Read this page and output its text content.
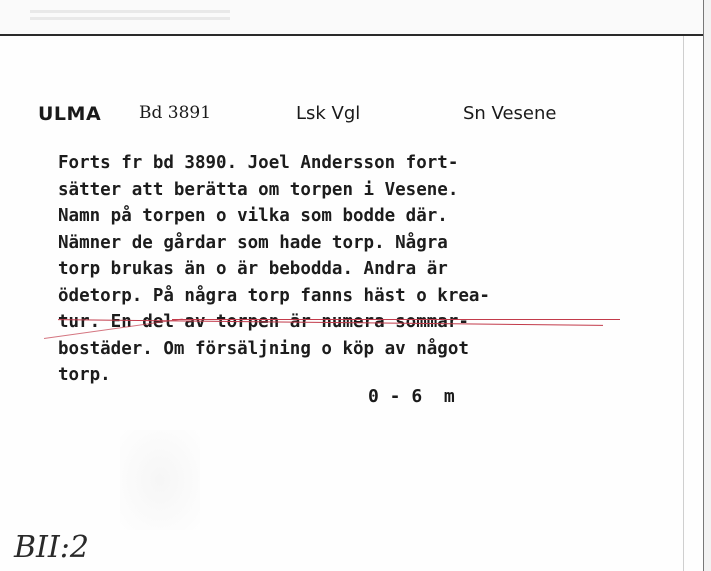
ULMA Bd 3891	Lsk Vgl	Sn Vesene
Forts fr bd 3890. Joel Andersson fort-
sätter att berätta om torpen i Vesene.
Namn på torpen o vilka som bodde där.
Nämner de gårdar som hade torp. Några
torp brukas än o är bebodda. Andra är
ödetorp. På några torp fanns häst o krea-
tur. En del av torpen är numera sommar-
bostäder. Om försäljning o köp av något
torp.
0 - 6  m
BII:2
